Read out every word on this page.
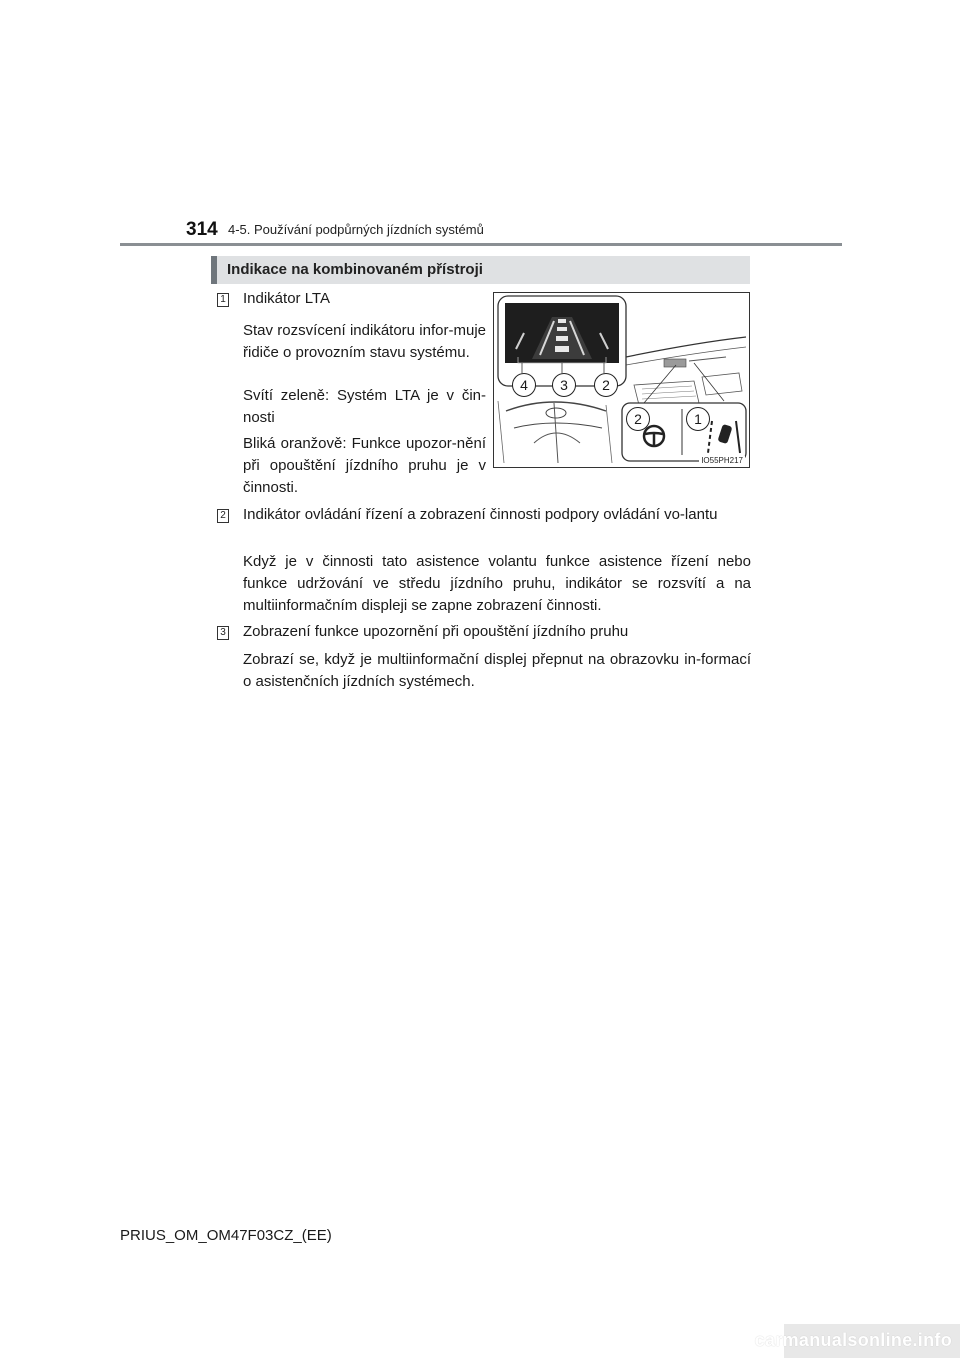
314 4-5. Používání podpůrných jízdních systémů
Indikace na kombinovaném přístroji
1 Indikátor LTA
Stav rozsvícení indikátoru infor-muje řidiče o provozním stavu systému.
Svítí zeleně: Systém LTA je v čin-nosti
Bliká oranžově: Funkce upozor-nění při opouštění jízdního pruhu je v činnosti.
4	3	2
2	1
IO55PH217
2 Indikátor ovládání řízení a zobrazení činnosti podpory ovládání vo-lantu
Když je v činnosti tato asistence volantu funkce asistence řízení nebo funkce udržování ve středu jízdního pruhu, indikátor se rozsvítí a na multiinformačním displeji se zapne zobrazení činnosti.
3 Zobrazení funkce upozornění při opouštění jízdního pruhu
Zobrazí se, když je multiinformační displej přepnut na obrazovku in-formací o asistenčních jízdních systémech.
PRIUS_OM_OM47F03CZ_(EE)
carmanualsonline.info
